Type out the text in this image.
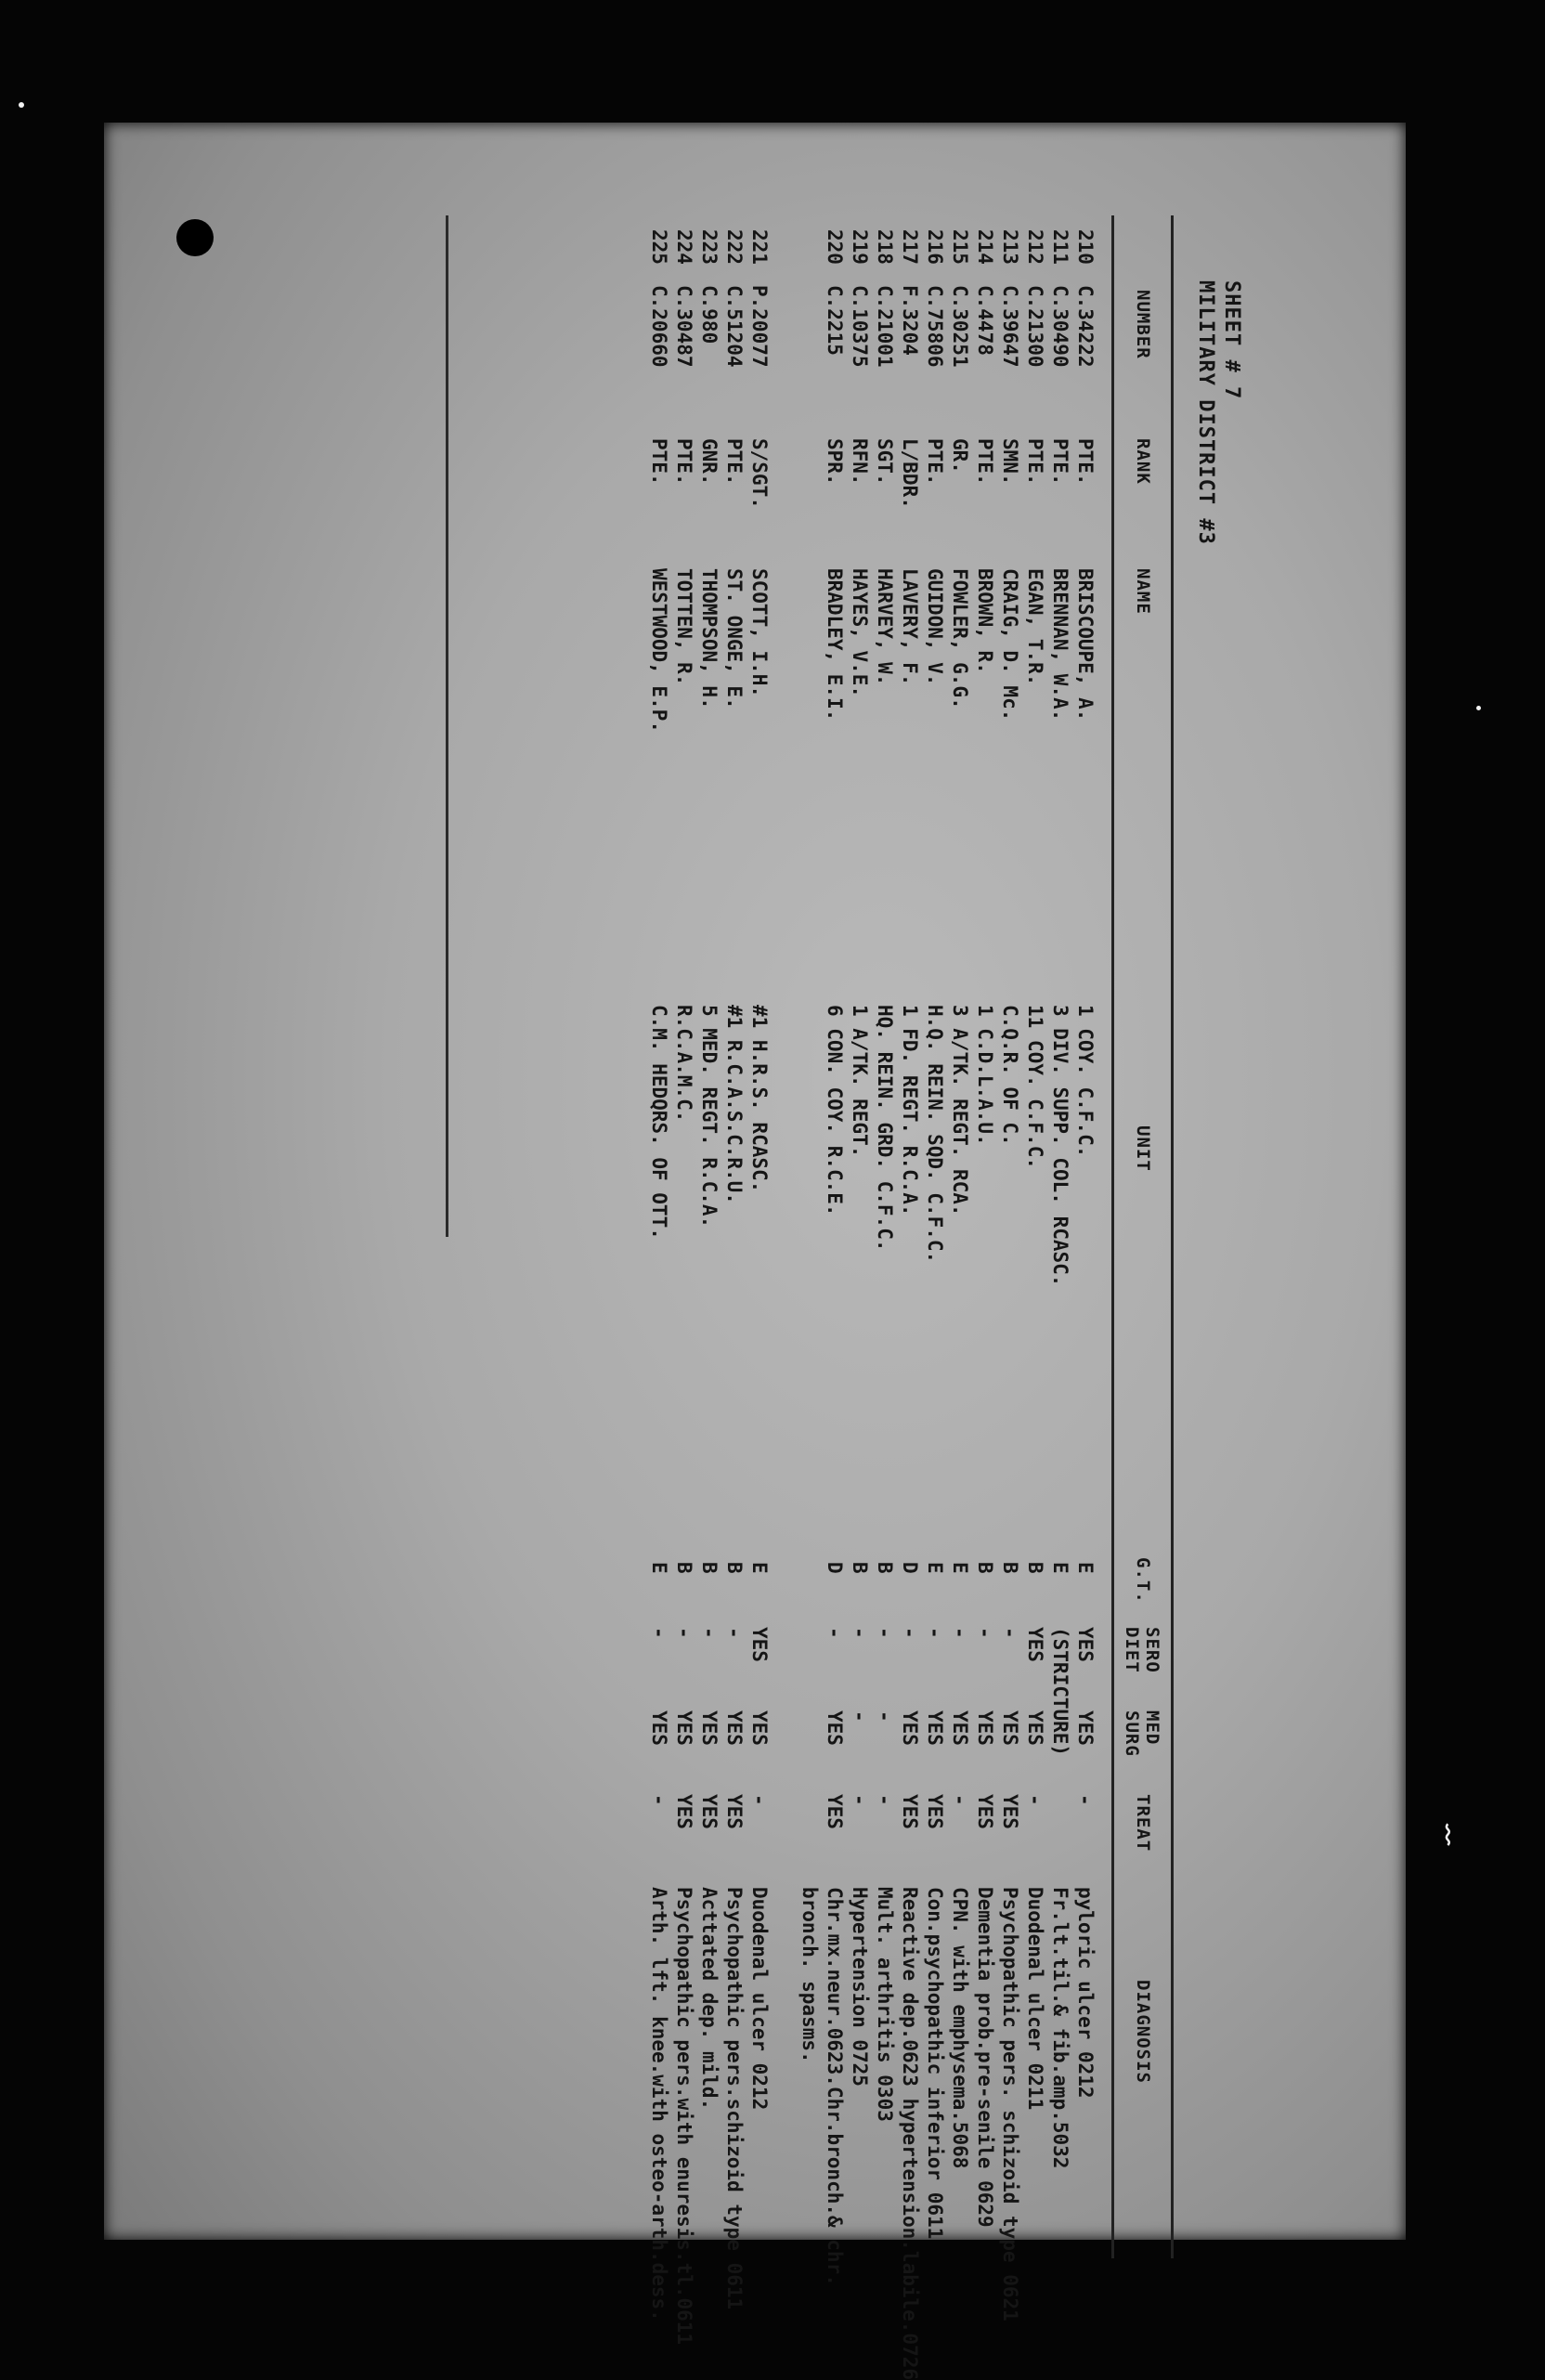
⌇
SHEET # 7
MILITARY DISTRICT #3
NUMBER
RANK
NAME
UNIT
G.T.
SERO
DIET
MED
SURG
TREAT
DIAGNOSIS
210
C.34222
PTE.
BRISCOUPE, A.
1 COY. C.F.C.
E
YES
YES
-
pyloric ulcer 0212
211
C.30490
PTE.
BRENNAN, W.A.
3 DIV. SUPP. COL. RCASC.
E
(STRICTURE)
Fr.lt.til.& fib.amp.5032
212
C.21300
PTE.
EGAN, T.R.
11 COY. C.F.C.
B
YES
YES
-
Duodenal ulcer 0211
213
C.39647
SMN.
CRAIG, D. Mc.
C.Q.R. OF C.
B
-
YES
YES
Psychopathic pers. schizoid type 0621
214
C.4478
PTE.
BROWN, R.
1 C.D.L.A.U.
B
-
YES
YES
Dementia prob.pre-senile 0629
215
C.30251
GR.
FOWLER, G.G.
3 A/TK. REGT. RCA.
E
-
YES
-
CPN. with emphysema.5068
216
C.75806
PTE.
GUIDON, V.
H.Q. REIN. SQD. C.F.C.
E
-
YES
YES
Con.psychopathic inferior 0611
217
F.3204
L/BDR.
LAVERY, F.
1 FD. REGT. R.C.A.
D
-
YES
YES
Reactive dep.0623 hypertension.labile.0726
218
C.21001
SGT.
HARVEY, W.
HQ. REIN. GRD. C.F.C.
B
-
-
-
Mult. arthritis 0303
219
C.10375
RFN.
HAYES, V.E.
1 A/TK. REGT.
B
-
-
-
Hypertension 0725
220
C.2215
SPR.
BRADLEY, E.I.
6 CON. COY. R.C.E.
D
-
YES
YES
Chr.mx.neur.0623.Chr.bronch.& chr.
bronch. spasms.
221
P.20077
S/SGT.
SCOTT, I.H.
#1 H.R.S. RCASC.
E
YES
YES
-
Duodenal ulcer 0212
222
C.51204
PTE.
ST. ONGE, E.
#1 R.C.A.S.C.R.U.
B
-
YES
YES
Psychopathic pers.schizoid type 0611
223
C.980
GNR.
THOMPSON, H.
5 MED. REGT. R.C.A.
B
-
YES
YES
Acttated dep. mild.
224
C.30487
PTE.
TOTTEN, R.
R.C.A.M.C.
B
-
YES
YES
Psychopathic pers.with enuresis.tl.0611
225
C.20660
PTE.
WESTWOOD, E.P.
C.M. HEDQRS. OF OTT.
E
-
YES
-
Arth. lft. knee.with osteo-arth.dess.
